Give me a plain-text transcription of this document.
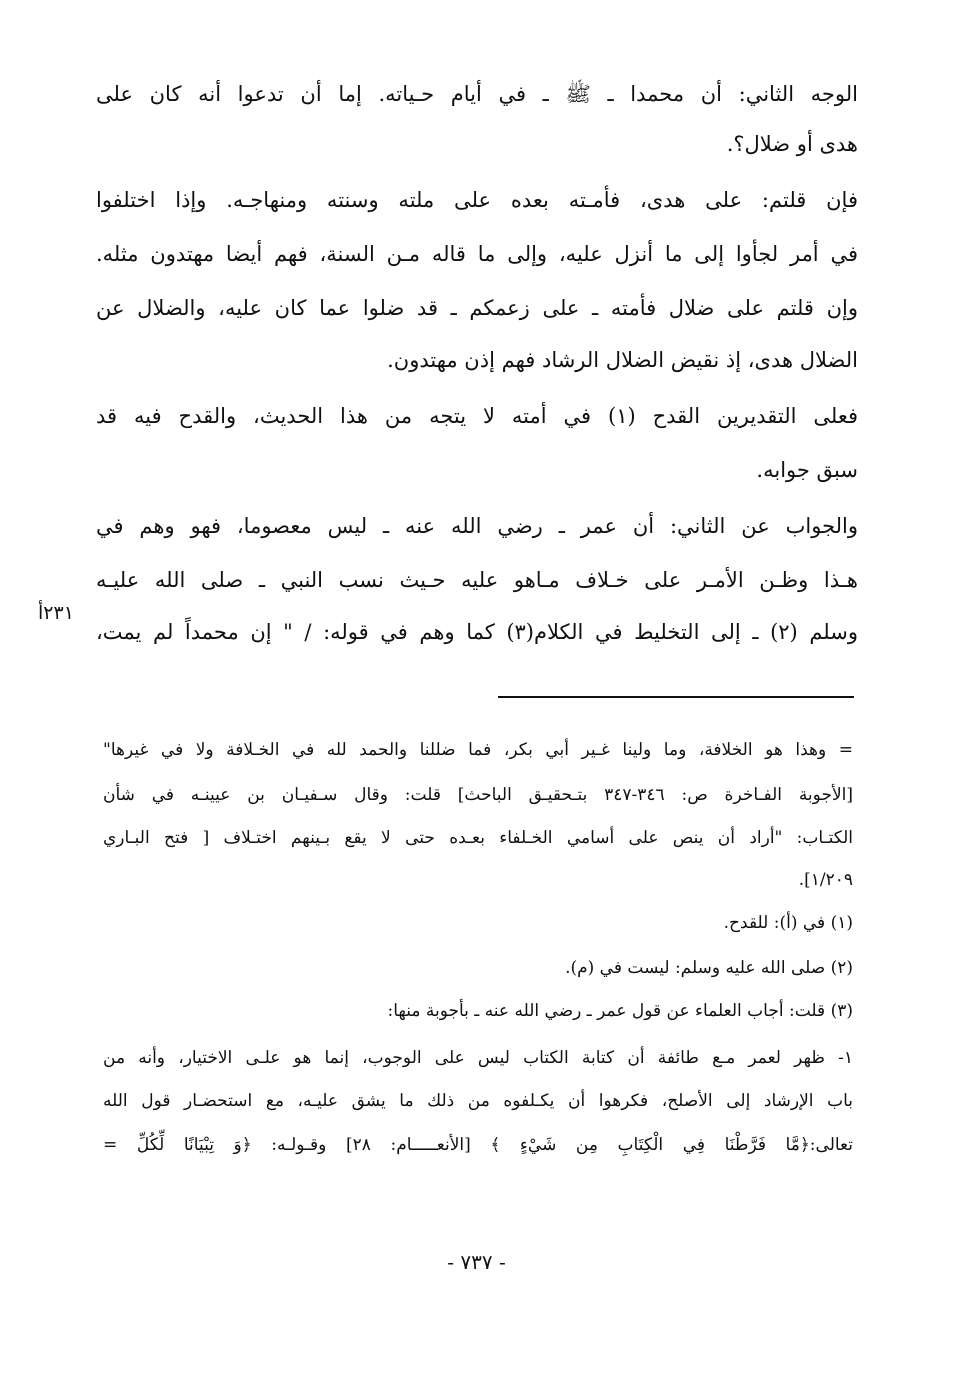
الوجه الثاني: أن محمدا ـ ﷺ ـ في أيام حـياته. إما أن تدعوا أنه كان على
هدى أو ضلال؟.
فإن قلتم: على هدى، فأمـته بعده على ملته وسنته ومنهاجـه. وإذا اختلفوا
في أمر لجأوا إلى ما أنزل عليه، وإلى ما قاله مـن السنة، فهم أيضا مهتدون مثله.
وإن قلتم على ضلال فأمته ـ على زعمكم ـ قد ضلوا عما كان عليه، والضلال عن
الضلال هدى، إذ نقيض الضلال الرشاد فهم إذن مهتدون.
فعلى التقديرين القدح (١) في أمته لا يتجه من هذا الحديث، والقدح فيه قد
سبق جوابه.
والجواب عن الثاني: أن عمر ـ رضي الله عنه ـ ليس معصوما، فهو وهم في
هـذا وظـن الأمـر على خـلاف مـاهو عليه حـيث نسب النبي ـ صلى الله عليـه
وسلم (٢) ـ إلى التخليط في الكلام(٣) كما وهم في قوله: / " إن محمداً لم يمت،
٢٣١أ
= وهذا هو الخلافة، وما ولينا غـير أبي بكر، فما ضللنا والحمد لله في الخـلافة ولا في غيرها"
[الأجوبة الفـاخرة ص: ٣٤٦-٣٤٧ بتـحقيـق الباحث] قلت: وقال سـفيـان بن عيينـه في شأن
الكتـاب: "أراد أن ينص على أسامي الخـلفاء بعـده حتى لا يقع بـينهم اختـلاف [ فتح البـاري
١/٢٠٩].
(١) في (أ): للقدح.
(٢) صلى الله عليه وسلم: ليست في (م).
(٣) قلت: أجاب العلماء عن قول عمر ـ رضي الله عنه ـ بأجوبة منها:
١- ظهر لعمر مـع طائفة أن كتابة الكتاب ليس على الوجوب، إنما هو علـى الاختيار، وأنه من
باب الإرشاد إلى الأصلح، فكرهوا أن يكـلفوه من ذلك ما يشق عليـه، مع استحضـار قول الله
تعالى:﴿مَّا فَرَّطْنَا فِي الْكِتَابِ مِن شَيْءٍ ﴾ [الأنعـــــام: ٢٨] وقـولـه: ﴿وَ تِبْيَانًا لِّكُلِّ =
- ٧٣٧ -
